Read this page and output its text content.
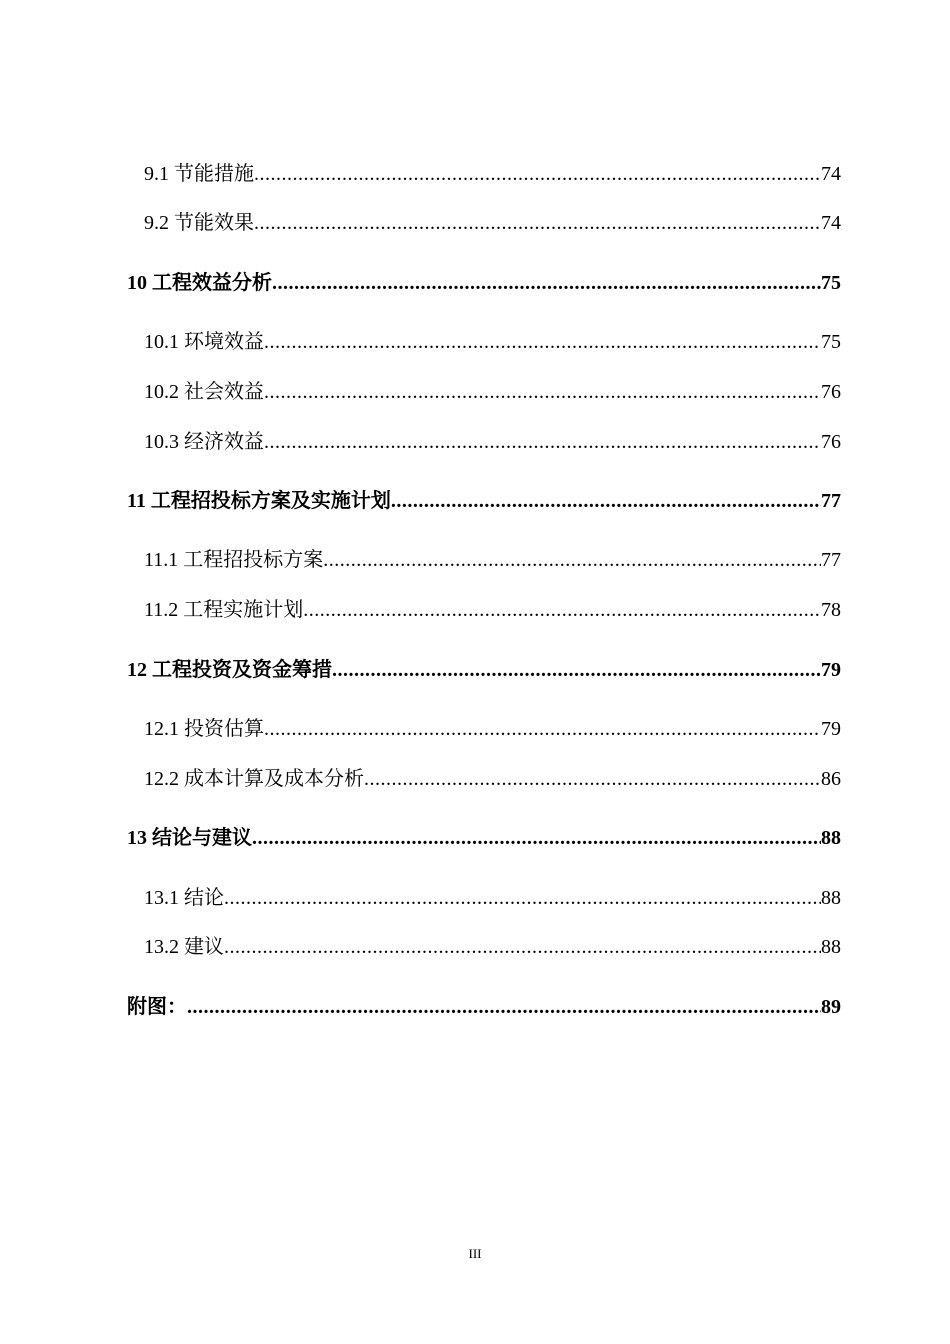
9.1 节能措施 .....	74
9.2 节能效果 .....	74
10 工程效益分析 .....	75
10.1 环境效益 .....	75
10.2 社会效益 .....	76
10.3 经济效益 .....	76
11 工程招投标方案及实施计划 .....	77
11.1 工程招投标方案 .....	77
11.2 工程实施计划 .....	78
12 工程投资及资金筹措 .....	79
12.1 投资估算 .....	79
12.2 成本计算及成本分析 .....	86
13 结论与建议 .....	88
13.1 结论 .....	88
13.2 建议 .....	88
附图： .....	89
III
